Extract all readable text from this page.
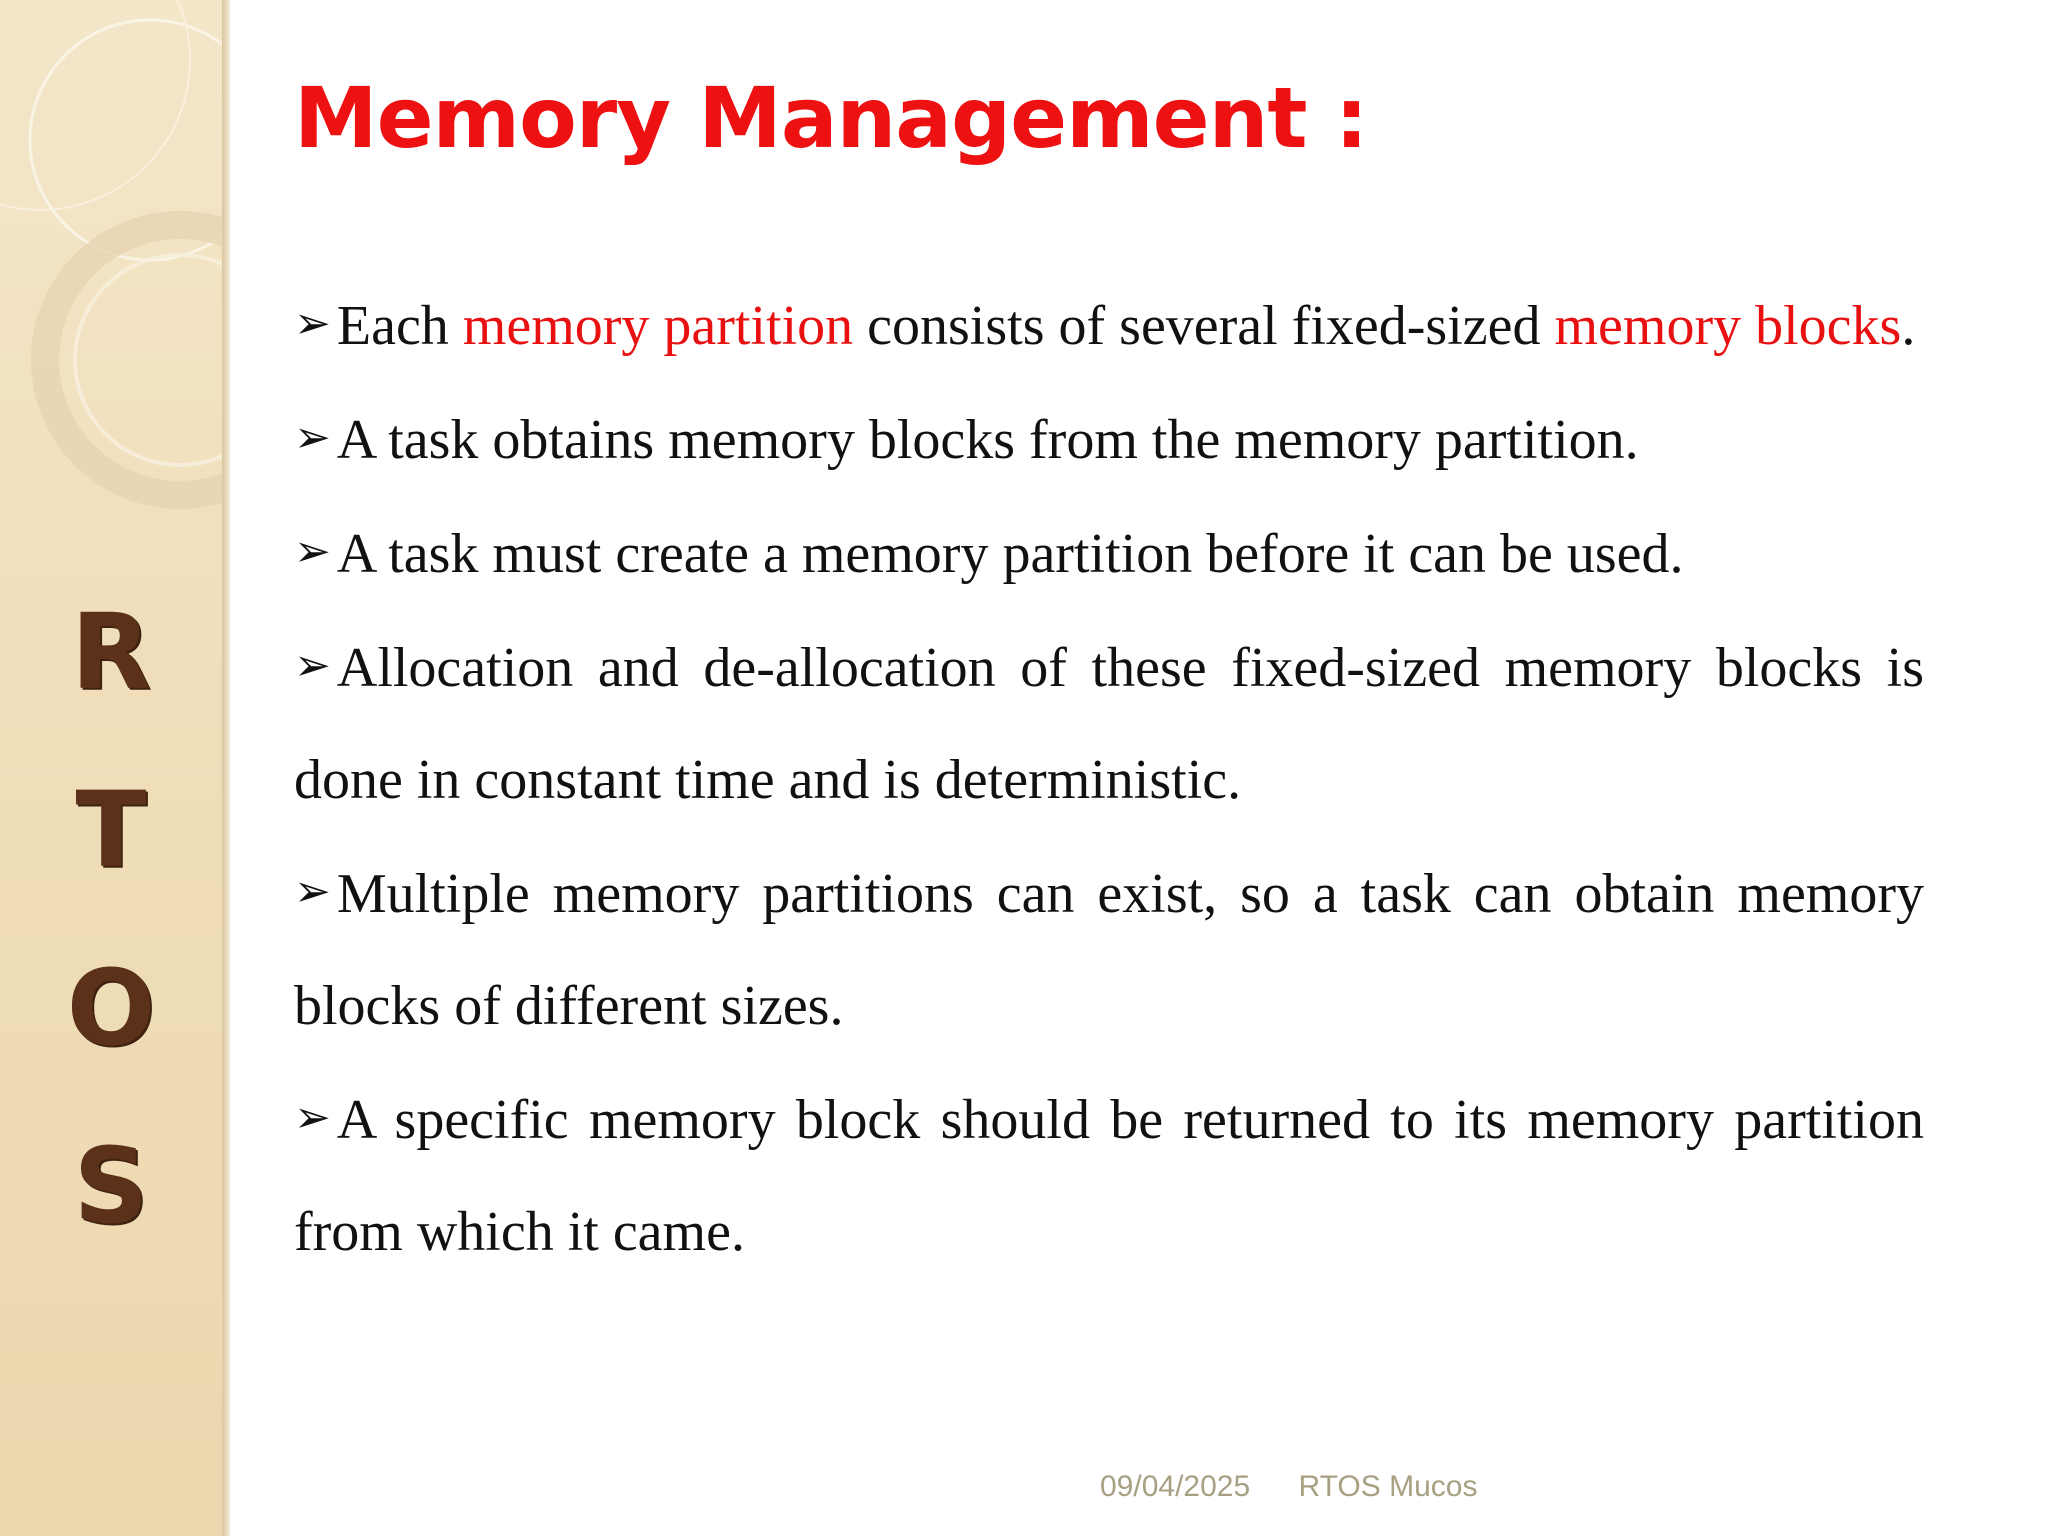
R
T
O
S
Memory Management :

➢ Each memory partition consists of several fixed-sized memory blocks.

➢ A task obtains memory blocks from the memory partition.

➢ A task must create a memory partition before it can be used.

➢ Allocation and de-allocation of these fixed-sized memory blocks is done in constant time and is deterministic.

➢ Multiple memory partitions can exist, so a task can obtain memory blocks of different sizes.

➢ A specific memory block should be returned to its memory partition from which it came.

09/04/2025 RTOS Mucos
